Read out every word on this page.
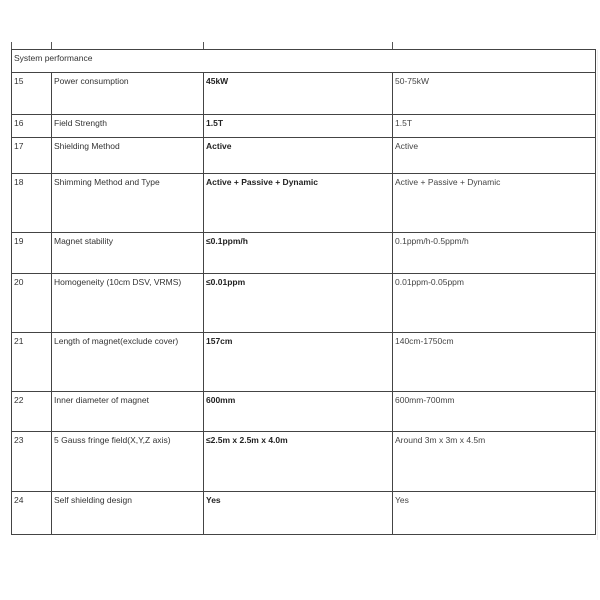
System performance			
15	Power consumption	45kW	50-75kW
16	Field Strength	1.5T	1.5T
17	Shielding Method	Active	Active
18	Shimming Method and Type	Active + Passive + Dynamic	Active + Passive + Dynamic
19	Magnet stability	≤0.1ppm/h	0.1ppm/h-0.5ppm/h
20	Homogeneity (10cm DSV, VRMS)	≤0.01ppm	0.01ppm-0.05ppm
21	Length of magnet(exclude cover)	157cm	140cm-1750cm
22	Inner diameter of magnet	600mm	600mm-700mm
23	5 Gauss fringe field(X,Y,Z axis)	≤2.5m x 2.5m x 4.0m	Around 3m x 3m x 4.5m
24	Self shielding design	Yes	Yes
